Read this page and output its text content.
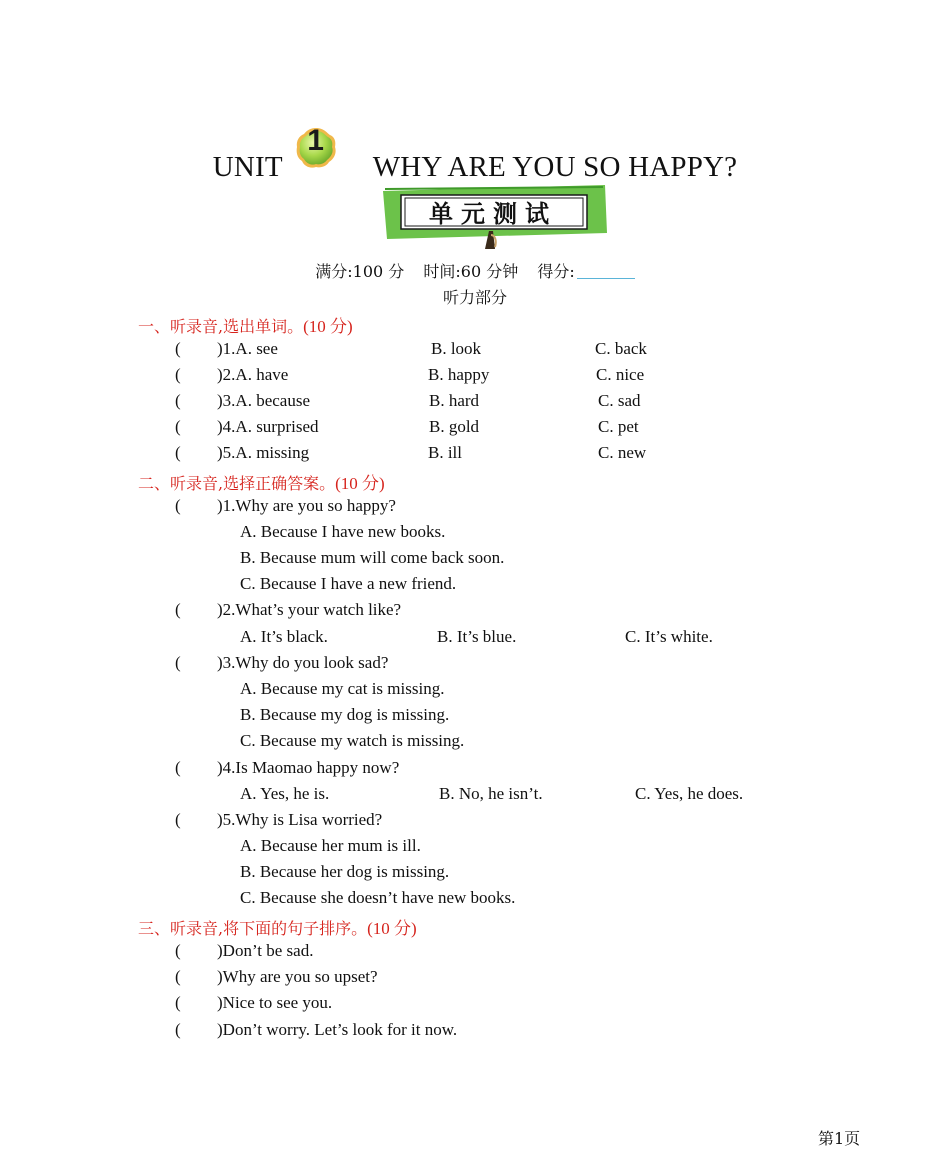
UNIT
1
WHY ARE YOU SO HAPPY?
单元测试
满分:100 分 时间:60 分钟 得分:
听力部分
一、听录音,选出单词。(10 分)
( )1.A. see	B. look	C. back
( )2.A. have	B. happy	C. nice
( )3.A. because	B. hard	C. sad
( )4.A. surprised	B. gold	C. pet
( )5.A. missing	B. ill	C. new
二、听录音,选择正确答案。(10 分)
( )1.Why are you so happy?
A. Because I have new books.
B. Because mum will come back soon.
C. Because I have a new friend.
( )2.What’s your watch like?
A. It’s black.	B. It’s blue.	C. It’s white.
( )3.Why do you look sad?
A. Because my cat is missing.
B. Because my dog is missing.
C. Because my watch is missing.
( )4.Is Maomao happy now?
A. Yes, he is.	B. No, he isn’t.	C. Yes, he does.
( )5.Why is Lisa worried?
A. Because her mum is ill.
B. Because her dog is missing.
C. Because she doesn’t have new books.
三、听录音,将下面的句子排序。(10 分)
( )Don’t be sad.
( )Why are you so upset?
( )Nice to see you.
( )Don’t worry. Let’s look for it now.
第1页
